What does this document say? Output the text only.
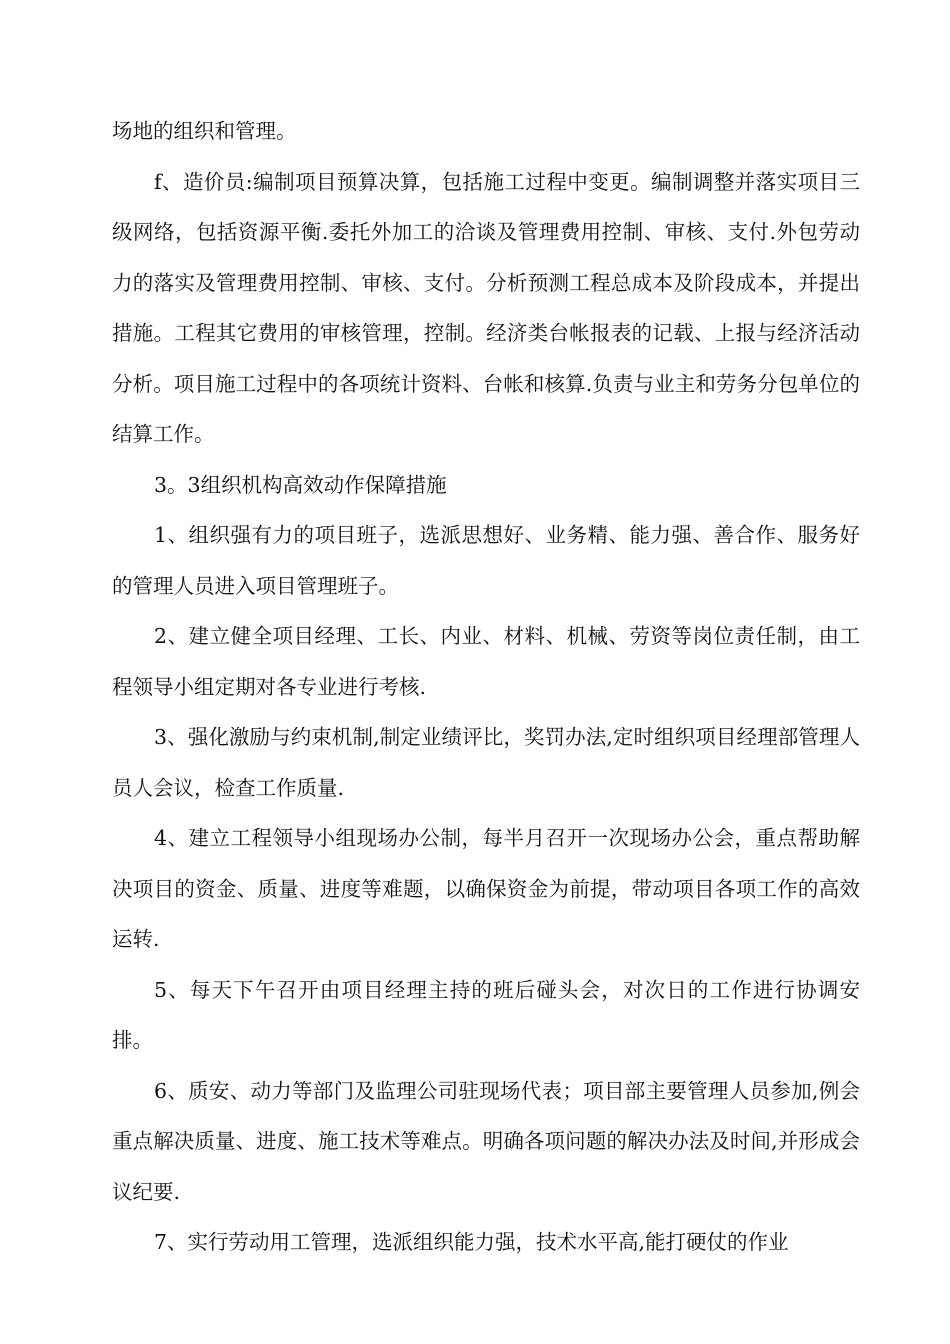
场地的组织和管理。

f、造价员:编制项目预算决算，包括施工过程中变更。编制调整并落实项目三级网络，包括资源平衡.委托外加工的洽谈及管理费用控制、审核、支付.外包劳动力的落实及管理费用控制、审核、支付。分析预测工程总成本及阶段成本，并提出措施。工程其它费用的审核管理，控制。经济类台帐报表的记载、上报与经济活动分析。项目施工过程中的各项统计资料、台帐和核算.负责与业主和劳务分包单位的结算工作。

3。3组织机构高效动作保障措施

1、组织强有力的项目班子，选派思想好、业务精、能力强、善合作、服务好的管理人员进入项目管理班子。

2、建立健全项目经理、工长、内业、材料、机械、劳资等岗位责任制，由工程领导小组定期对各专业进行考核.

3、强化激励与约束机制,制定业绩评比，奖罚办法,定时组织项目经理部管理人员人会议，检查工作质量.

4、建立工程领导小组现场办公制，每半月召开一次现场办公会，重点帮助解决项目的资金、质量、进度等难题，以确保资金为前提，带动项目各项工作的高效运转.

5、每天下午召开由项目经理主持的班后碰头会，对次日的工作进行协调安排。

6、质安、动力等部门及监理公司驻现场代表；项目部主要管理人员参加,例会重点解决质量、进度、施工技术等难点。明确各项问题的解决办法及时间,并形成会议纪要.

7、实行劳动用工管理，选派组织能力强，技术水平高,能打硬仗的作业
